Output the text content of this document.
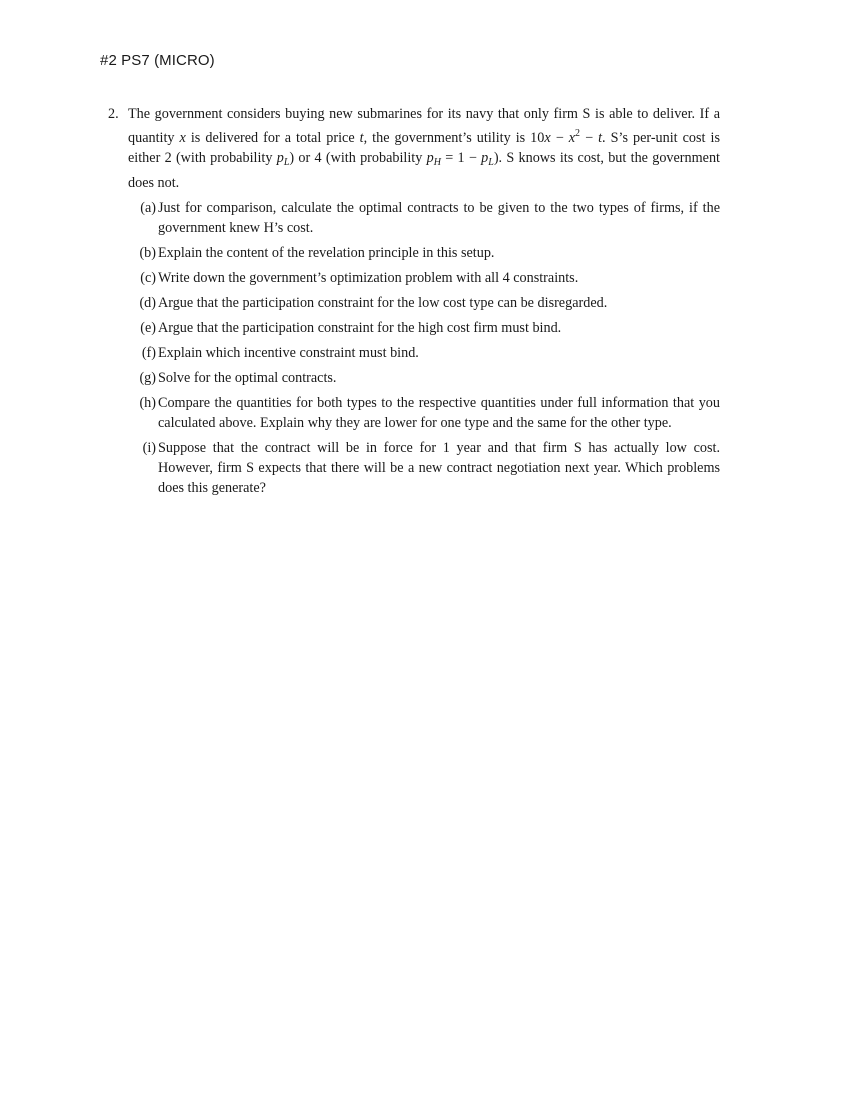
#2 PS7 (MICRO)
2. The government considers buying new submarines for its navy that only firm S is able to deliver. If a quantity x is delivered for a total price t, the government’s utility is $10x - x^2 - t$. S’s per-unit cost is either 2 (with probability $p_L$) or 4 (with probability $p_H = 1 - p_L$). S knows its cost, but the government does not.
(a) Just for comparison, calculate the optimal contracts to be given to the two types of firms, if the government knew H’s cost.
(b) Explain the content of the revelation principle in this setup.
(c) Write down the government’s optimization problem with all 4 constraints.
(d) Argue that the participation constraint for the low cost type can be disregarded.
(e) Argue that the participation constraint for the high cost firm must bind.
(f) Explain which incentive constraint must bind.
(g) Solve for the optimal contracts.
(h) Compare the quantities for both types to the respective quantities under full information that you calculated above. Explain why they are lower for one type and the same for the other type.
(i) Suppose that the contract will be in force for 1 year and that firm S has actually low cost. However, firm S expects that there will be a new contract negotiation next year. Which problems does this generate?
